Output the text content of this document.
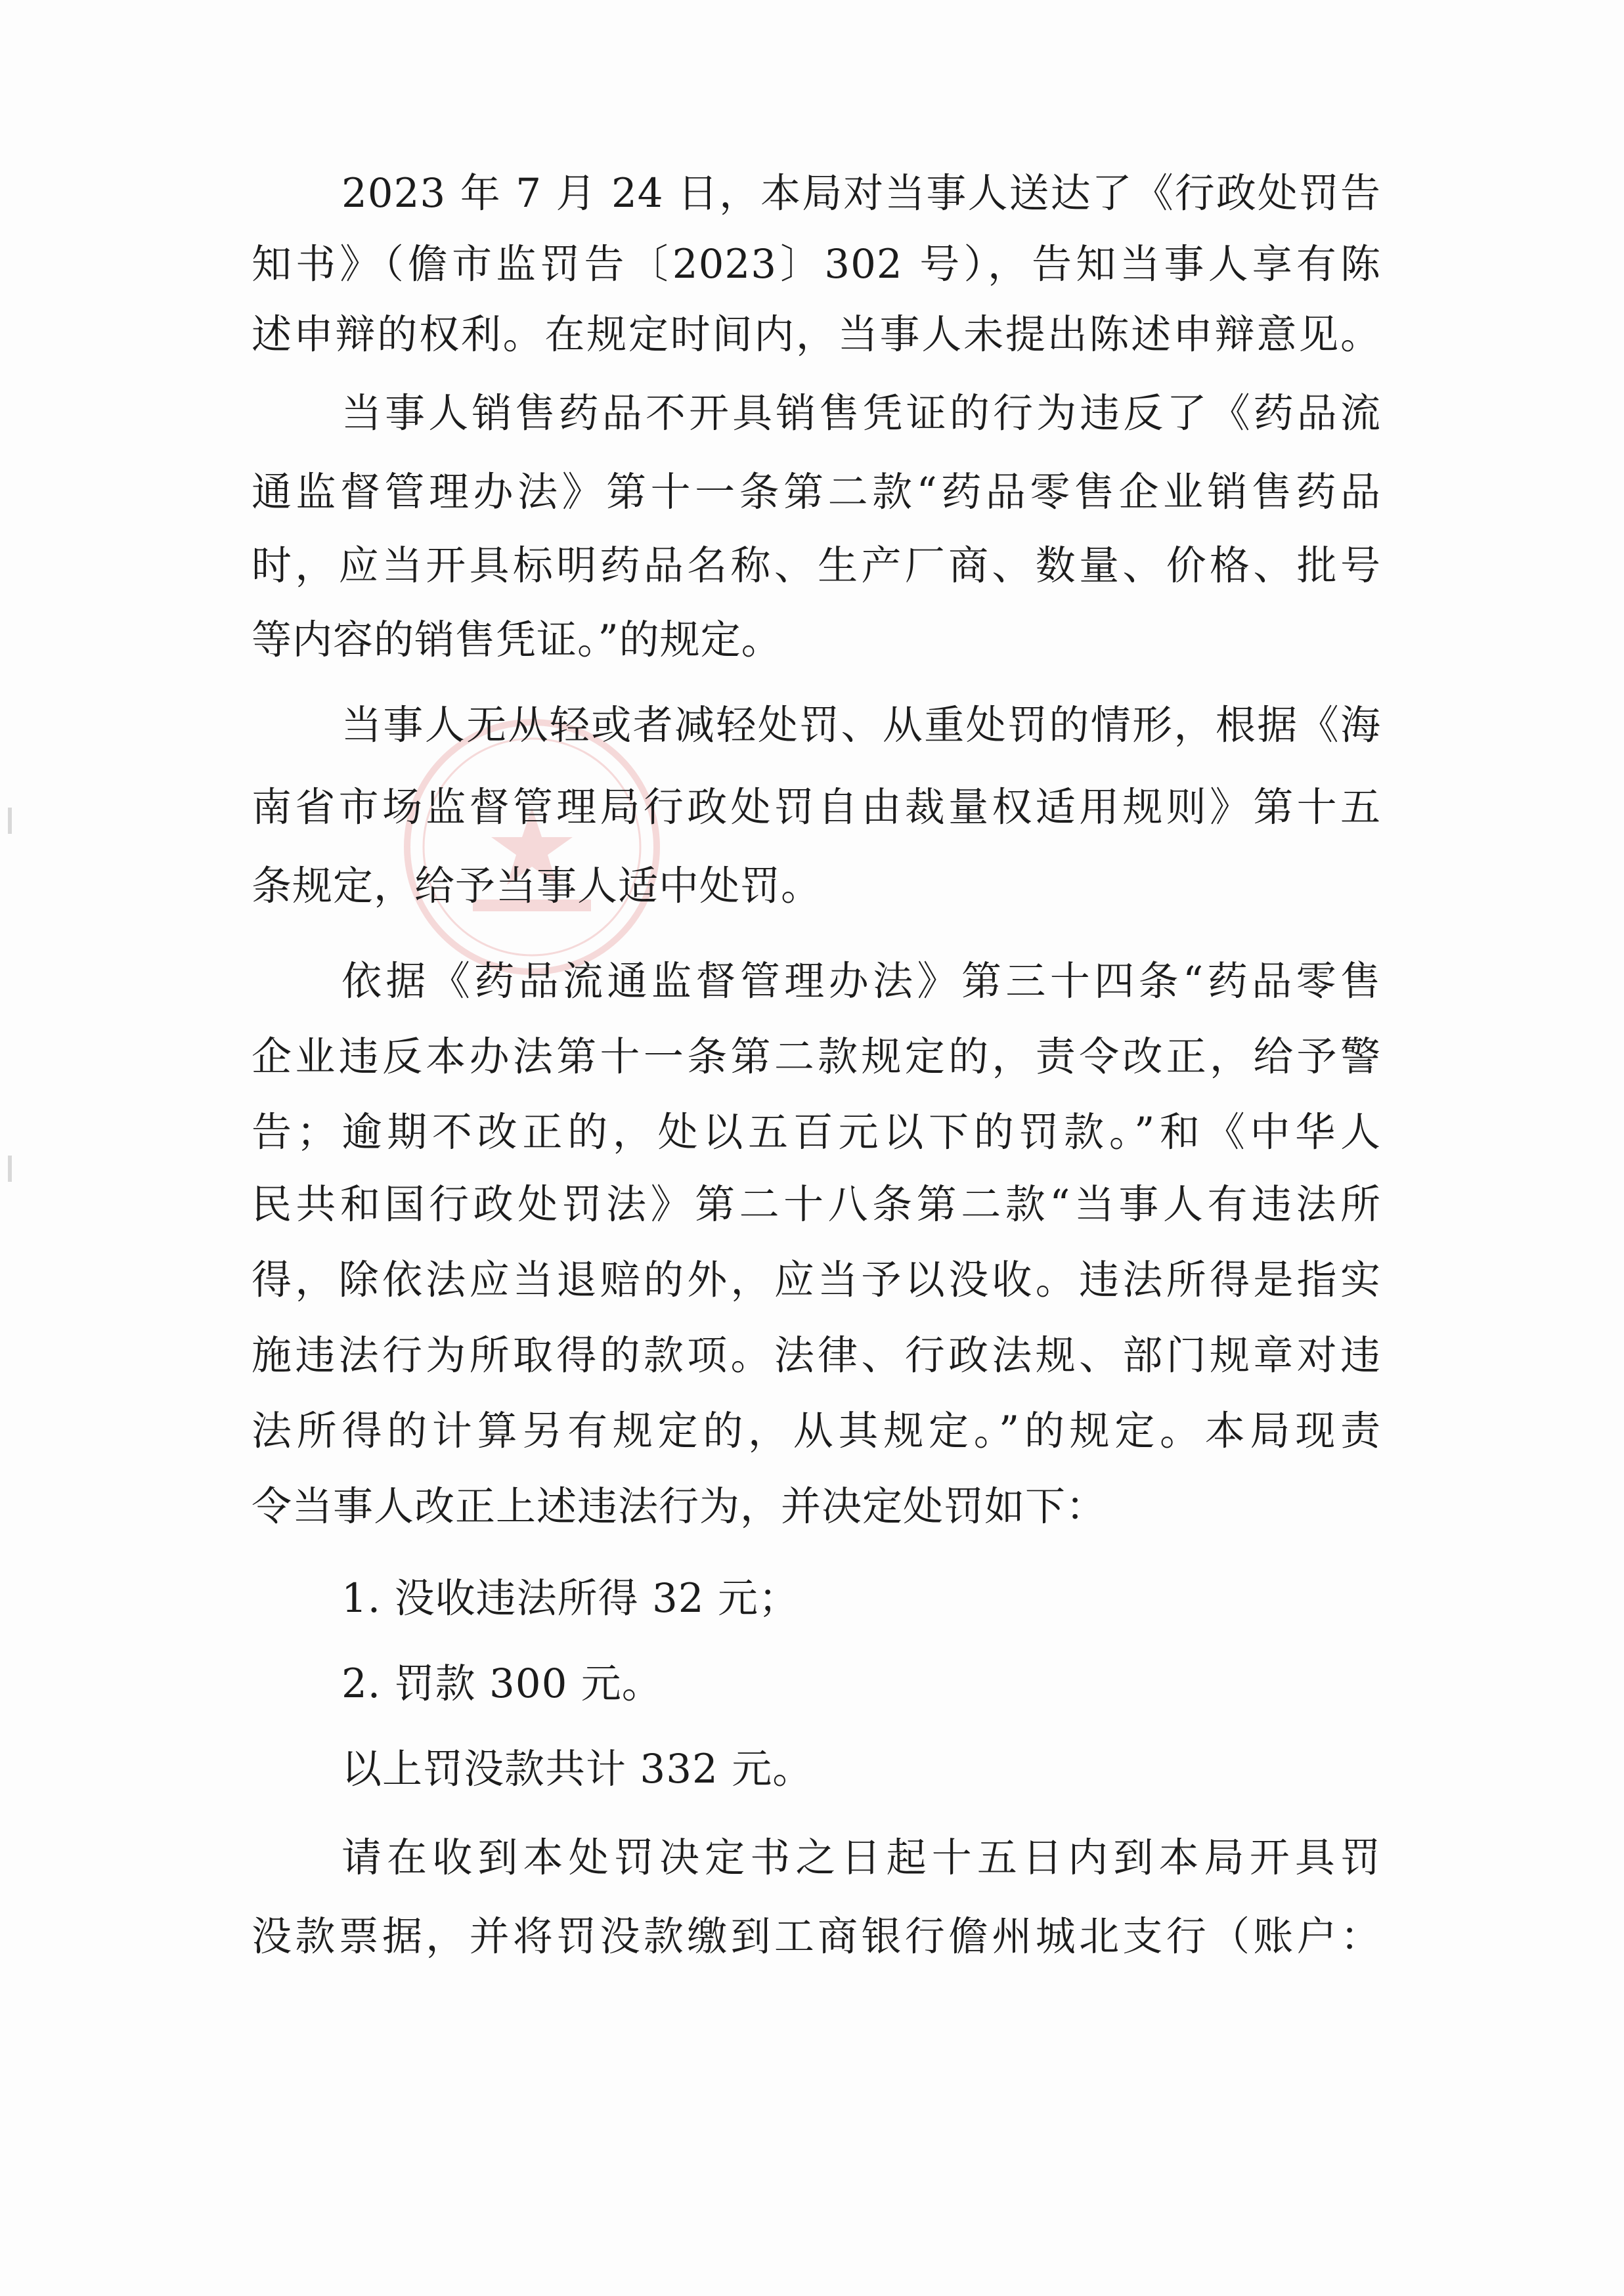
2023 年 7 月 24 日，本局对当事人送达了《行政处罚告
知书》（儋市监罚告〔2023〕302 号），告知当事人享有陈
述申辩的权利。在规定时间内，当事人未提出陈述申辩意见。
当事人销售药品不开具销售凭证的行为违反了《药品流
通监督管理办法》第十一条第二款“药品零售企业销售药品
时，应当开具标明药品名称、生产厂商、数量、价格、批号
等内容的销售凭证。”的规定。
当事人无从轻或者减轻处罚、从重处罚的情形，根据《海
南省市场监督管理局行政处罚自由裁量权适用规则》第十五
条规定，给予当事人适中处罚。
依据《药品流通监督管理办法》第三十四条“药品零售
企业违反本办法第十一条第二款规定的，责令改正，给予警
告；逾期不改正的，处以五百元以下的罚款。”和《中华人
民共和国行政处罚法》第二十八条第二款“当事人有违法所
得，除依法应当退赔的外，应当予以没收。违法所得是指实
施违法行为所取得的款项。法律、行政法规、部门规章对违
法所得的计算另有规定的，从其规定。”的规定。本局现责
令当事人改正上述违法行为，并决定处罚如下：
1. 没收违法所得 32 元；
2. 罚款 300 元。
以上罚没款共计 332 元。
请在收到本处罚决定书之日起十五日内到本局开具罚
没款票据，并将罚没款缴到工商银行儋州城北支行（账户：
